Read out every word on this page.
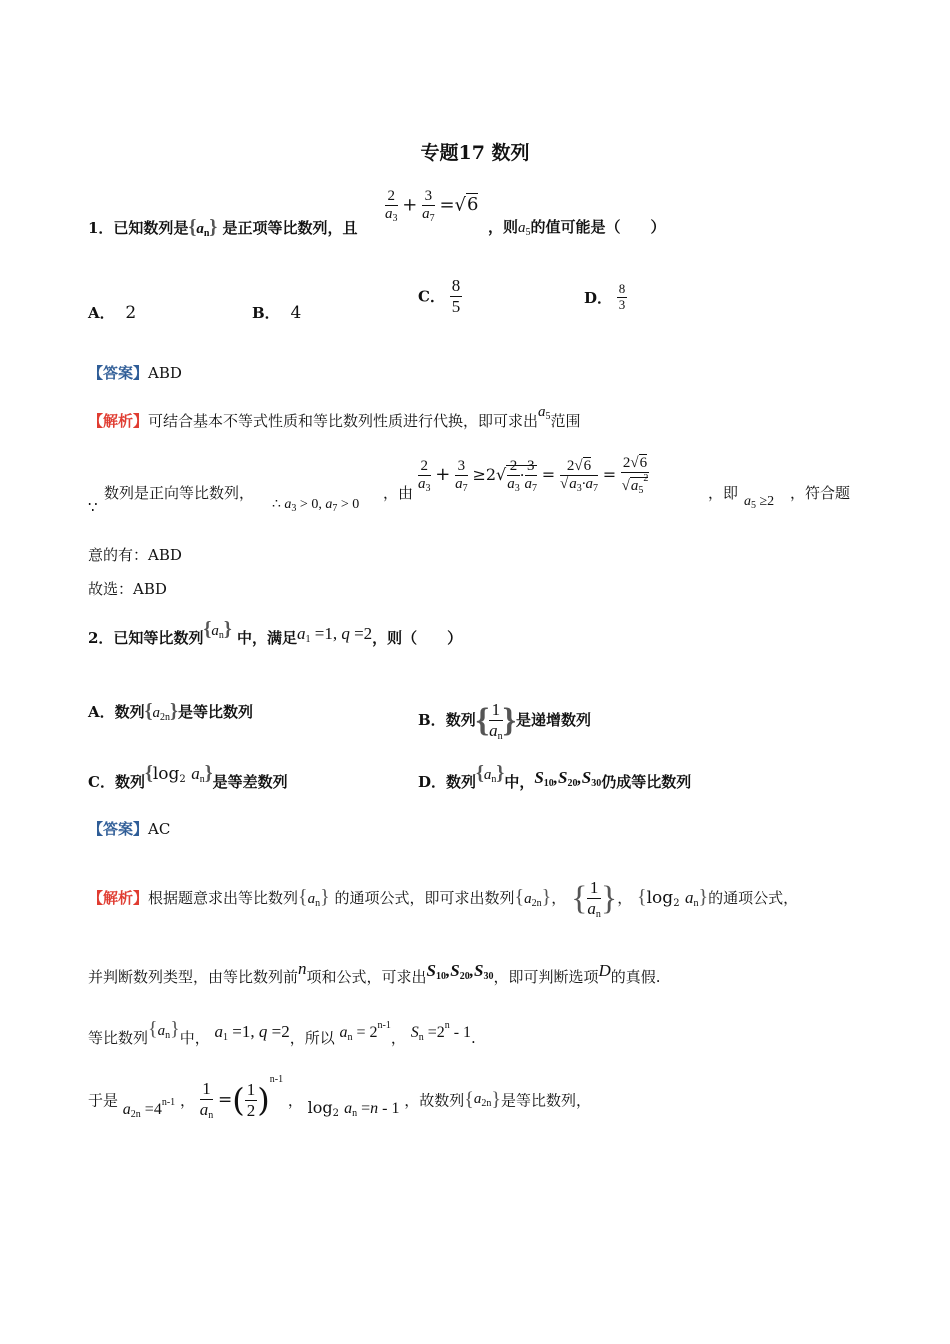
专题17 数列
1．已知数列是$\{a_n\}$ 是正项等比数列，且
$\frac{2}{a_3} + \frac{3}{a_7} =√6$
，则$a_5$的值可能是（　　）
A． 2	B． 4
C． $\frac{8}{5}$	D． $\frac{8}{3}$
【答案】ABD
【解析】可结合基本不等式性质和等比数列性质进行代换，即可求出$a_5$范围
∵
数列是正向等比数列，
∴ $a_3 > 0$, $a_7 > 0$
，由 $\frac{2}{a_3} + \frac{3}{a_7} \ge 2√ \frac{2}{a_3} \cdot \frac{3}{a_7} = \frac{2√6}{√a_3\cdot a_7} = \frac{2√6}{√a_5^2}$	，即 $a_5 \ge 2$ ，符合题
意的有：ABD
故选：ABD
2．已知等比数列$\{a_n\}$ 中，满足$a_1 =1$, q =2，则（　　）
A．数列$\{a_{2n}\}$是等比数列	B．数列{ $\frac{1}{a_n}$ }是递增数列
C．数列{$\log_2$ $a_n$}是等差数列	D．数列$\{a_n\}$中，$S_{10},S_{20},S_{30}$仍成等比数列
【答案】AC
【解析】根据题意求出等比数列$\{a_n\}$ 的通项公式，即可求出数列$\{a_{2n}\}$， { $\frac{1}{a_n}$ }， {$\log_2$ $a_n$}的通项公式，
并判断数列类型，由等比数列前n项和公式，可求出$S_{10},S_{20},S_{30}$，即可判断选项D的真假.
等比数列$\{a_n\}$中， $a_1 =1$, q =2，所以 $a_n = 2^{n-1}$， $S_n =2^n - 1$.
于是 $a_{2n} =4^{n-1}$ ， $\frac{1}{a_n}$ =( $\frac{1}{2} )^{n-1}$ ， $\log_2 a_n =n - 1$ ，故数列$\{a_{2n}\}$是等比数列，
